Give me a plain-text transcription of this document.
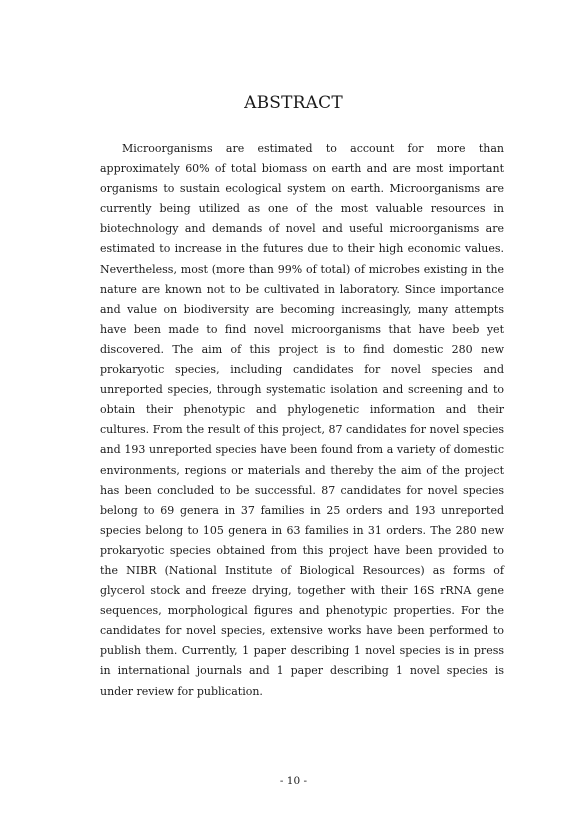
ABSTRACT

Microorganisms are estimated to account for more than approximately 60% of total biomass on earth and are most important organisms to sustain ecological system on earth. Microorganisms are currently being utilized as one of the most valuable resources in biotechnology and demands of novel and useful microorganisms are estimated to increase in the futures due to their high economic values. Nevertheless, most (more than 99% of total) of microbes existing in the nature are known not to be cultivated in laboratory. Since importance and value on biodiversity are becoming increasingly, many attempts have been made to find novel microorganisms that have beeb yet discovered. The aim of this project is to find domestic 280 new prokaryotic species, including candidates for novel species and unreported species, through systematic isolation and screening and to obtain their phenotypic and phylogenetic information and their cultures. From the result of this project, 87 candidates for novel species and 193 unreported species have been found from a variety of domestic environments, regions or materials and thereby the aim of the project has been concluded to be successful. 87 candidates for novel species belong to 69 genera in 37 families in 25 orders and 193 unreported species belong to 105 genera in 63 families in 31 orders. The 280 new prokaryotic species obtained from this project have been provided to the NIBR (National Institute of Biological Resources) as forms of glycerol stock and freeze drying, together with their 16S rRNA gene sequences, morphological figures and phenotypic properties. For the candidates for novel species, extensive works have been performed to publish them. Currently, 1 paper describing 1 novel species is in press in international journals and 1 paper describing 1 novel species is under review for publication.

- 10 -
